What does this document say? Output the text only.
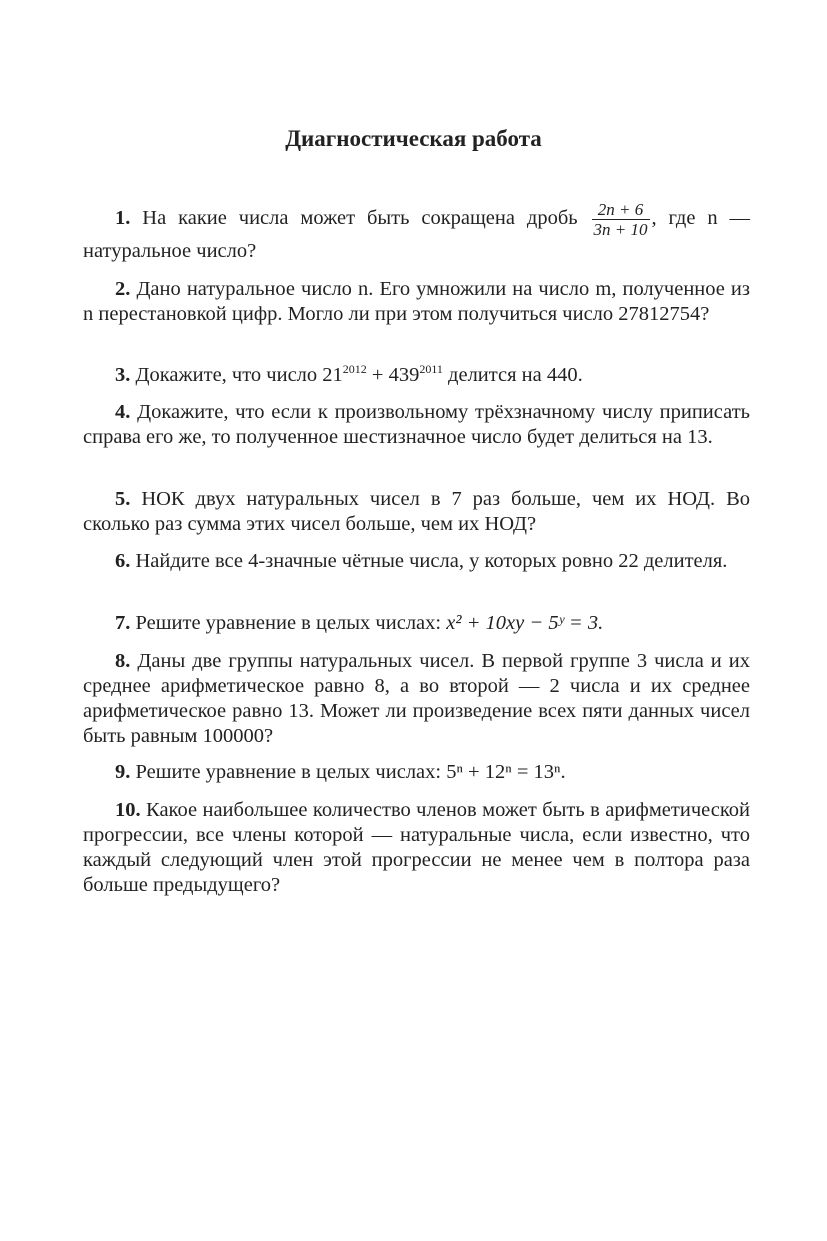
Диагностическая работа
1. На какие числа может быть сокращена дробь $\frac{2n + 6}{3n + 10}$ , где n — натуральное число?
2. Дано натуральное число n. Его умножили на число m, полученное из n перестановкой цифр. Могло ли при этом получиться число 27812754?
3. Докажите, что число $21^{2012} + 439^{2011}$ делится на 440.
4. Докажите, что если к произвольному трёхзначному числу приписать справа его же, то полученное шестизначное число будет делиться на 13.
5. НОК двух натуральных чисел в 7 раз больше, чем их НОД. Во сколько раз сумма этих чисел больше, чем их НОД?
6. Найдите все 4-значные чётные числа, у которых ровно 22 делителя.
7. Решите уравнение в целых числах: x² + 10xy − 5ʸ = 3.
8. Даны две группы натуральных чисел. В первой группе 3 числа и их среднее арифметическое равно 8, а во второй — 2 числа и их среднее арифметическое равно 13. Может ли произведение всех пяти данных чисел быть равным 100000?
9. Решите уравнение в целых числах: 5ⁿ + 12ⁿ = 13ⁿ.
10. Какое наибольшее количество членов может быть в арифметической прогрессии, все члены которой — натуральные числа, если известно, что каждый следующий член этой прогрессии не менее чем в полтора раза больше предыдущего?
